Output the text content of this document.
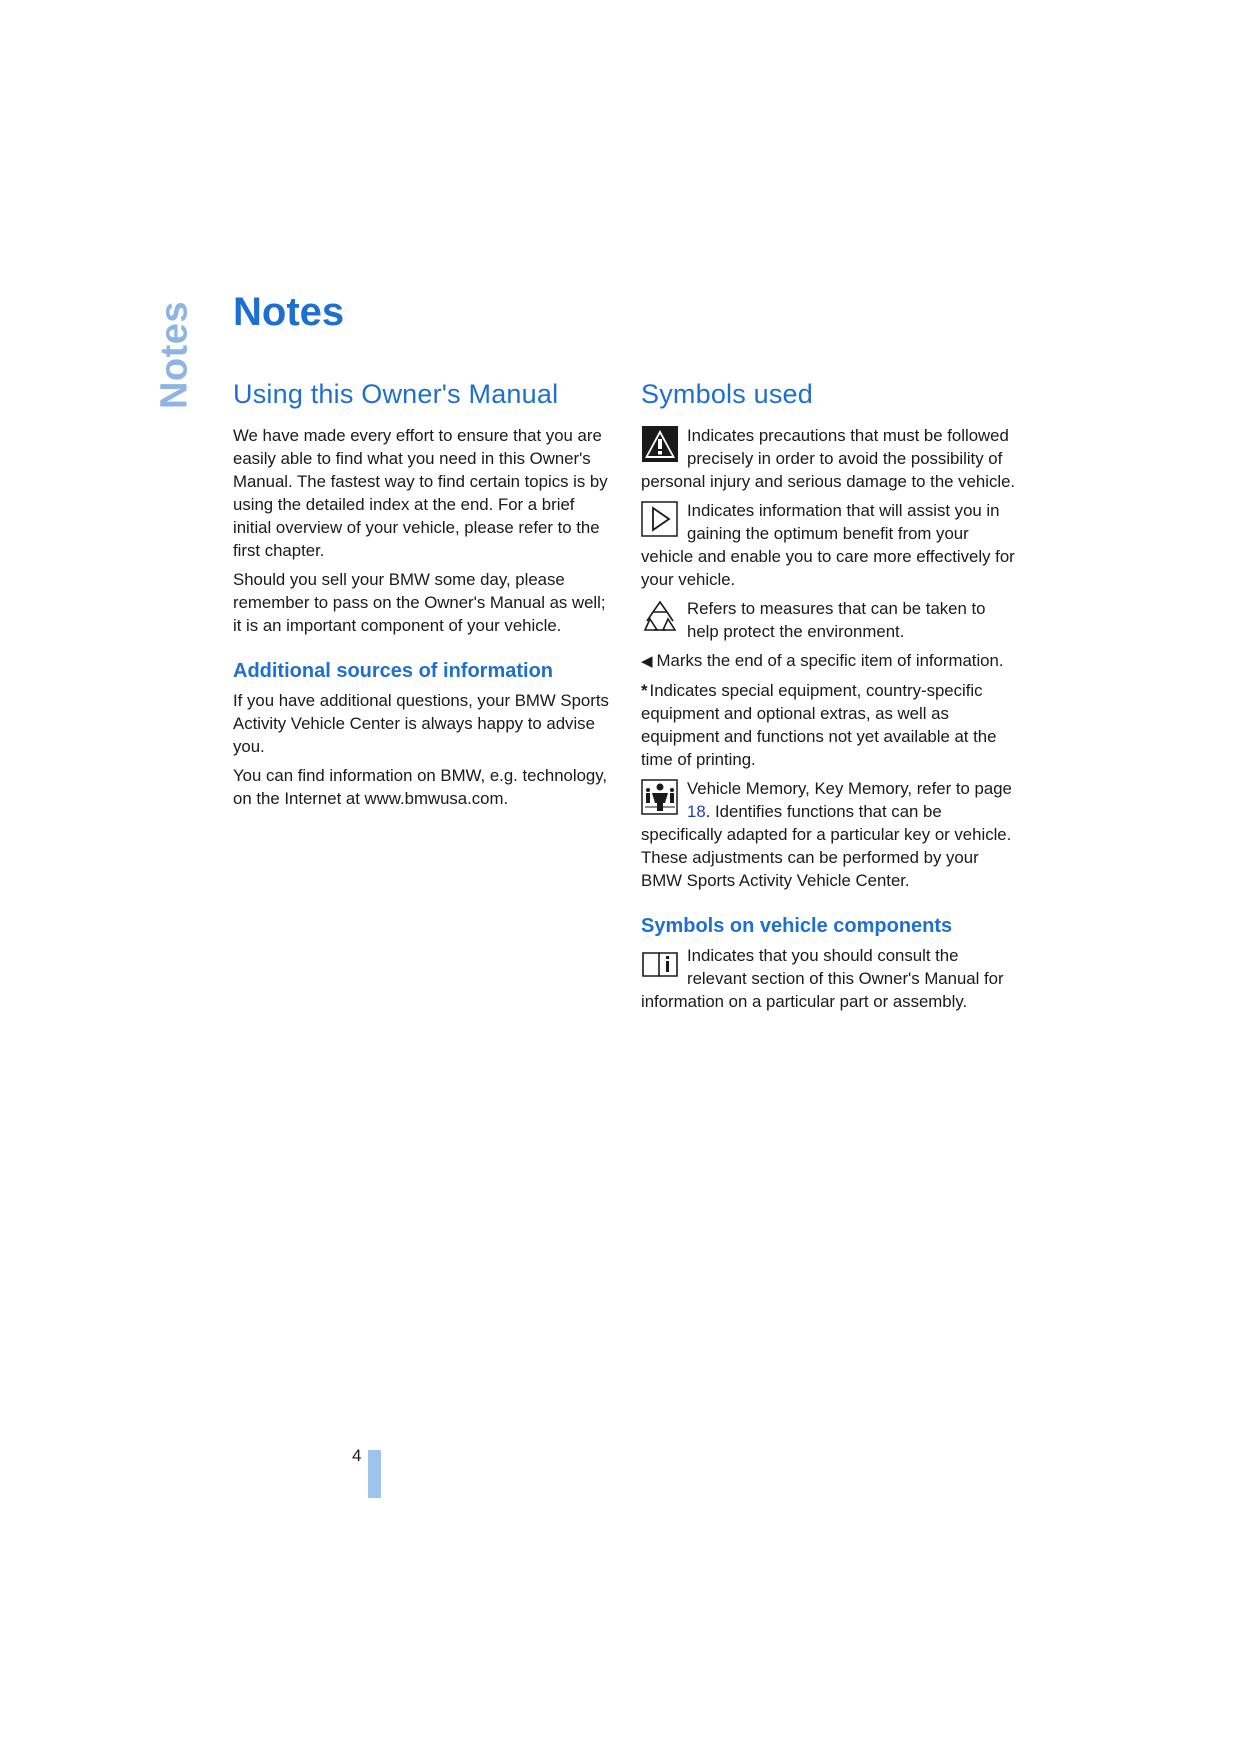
Notes Notes
Using this Owner's Manual

We have made every effort to ensure that you are easily able to find what you need in this Owner's Manual. The fastest way to find certain topics is by using the detailed index at the end. For a brief initial overview of your vehicle, please refer to the first chapter.

Should you sell your BMW some day, please remember to pass on the Owner's Manual as well; it is an important component of your vehicle.

Additional sources of information

If you have additional questions, your BMW Sports Activity Vehicle Center is always happy to advise you.

You can find information on BMW, e.g. technology, on the Internet at www.bmwusa.com.

Symbols used

Indicates precautions that must be followed precisely in order to avoid the possibility of personal injury and serious damage to the vehicle.

Indicates information that will assist you in gaining the optimum benefit from your vehicle and enable you to care more effectively for your vehicle.

Refers to measures that can be taken to help protect the environment.

◀ Marks the end of a specific item of information.

* Indicates special equipment, country-specific equipment and optional extras, as well as equipment and functions not yet available at the time of printing.

Vehicle Memory, Key Memory, refer to page 18. Identifies functions that can be specifically adapted for a particular key or vehicle. These adjustments can be performed by your BMW Sports Activity Vehicle Center.

Symbols on vehicle components

Indicates that you should consult the relevant section of this Owner's Manual for information on a particular part or assembly.

4
